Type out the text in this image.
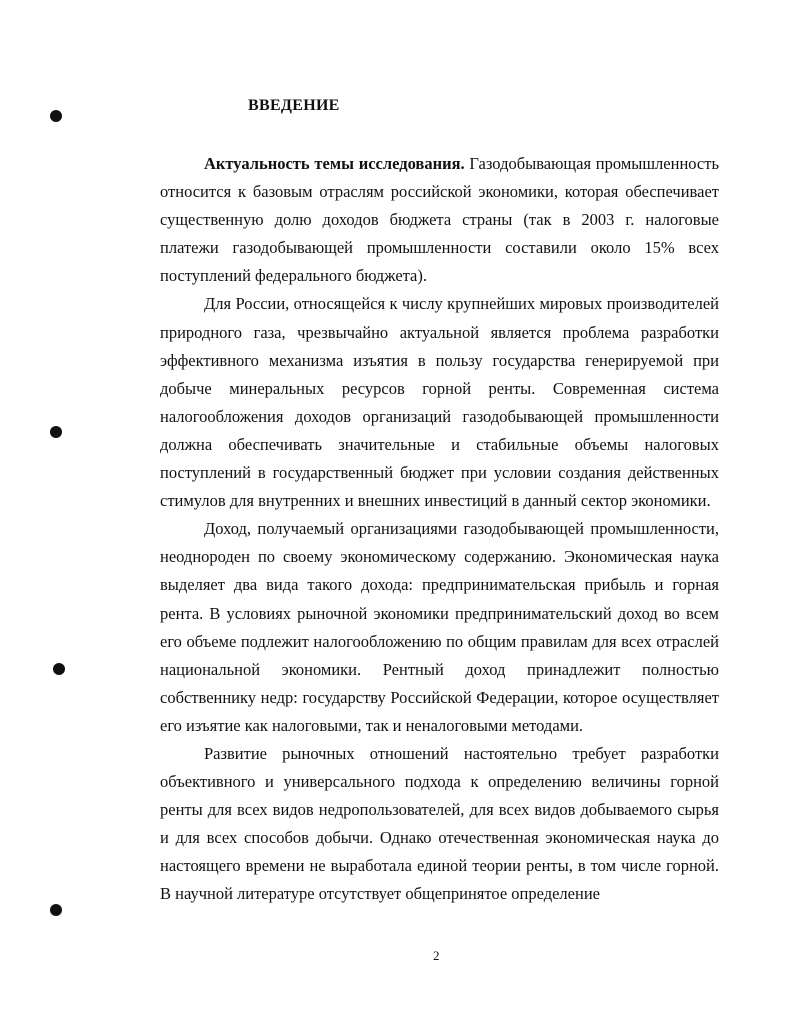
ВВЕДЕНИЕ

Актуальность темы исследования. Газодобывающая промышленность относится к базовым отраслям российской экономики, которая обеспечивает существенную долю доходов бюджета страны (так в 2003 г. налоговые платежи газодобывающей промышленности составили около 15% всех поступлений федерального бюджета).

Для России, относящейся к числу крупнейших мировых производителей природного газа, чрезвычайно актуальной является проблема разработки эффективного механизма изъятия в пользу государства генерируемой при добыче минеральных ресурсов горной ренты. Современная система налогообложения доходов организаций газодобывающей промышленности должна обеспечивать значительные и стабильные объемы налоговых поступлений в государственный бюджет при условии создания действенных стимулов для внутренних и внешних инвестиций в данный сектор экономики.

Доход, получаемый организациями газодобывающей промышленности, неоднороден по своему экономическому содержанию. Экономическая наука выделяет два вида такого дохода: предпринимательская прибыль и горная рента. В условиях рыночной экономики предпринимательский доход во всем его объеме подлежит налогообложению по общим правилам для всех отраслей национальной экономики. Рентный доход принадлежит полностью собственнику недр: государству Российской Федерации, которое осуществляет его изъятие как налоговыми, так и неналоговыми методами.

Развитие рыночных отношений настоятельно требует разработки объективного и универсального подхода к определению величины горной ренты для всех видов недропользователей, для всех видов добываемого сырья и для всех способов добычи. Однако отечественная экономическая наука до настоящего времени не выработала единой теории ренты, в том числе горной. В научной литературе отсутствует общепринятое определение

2
